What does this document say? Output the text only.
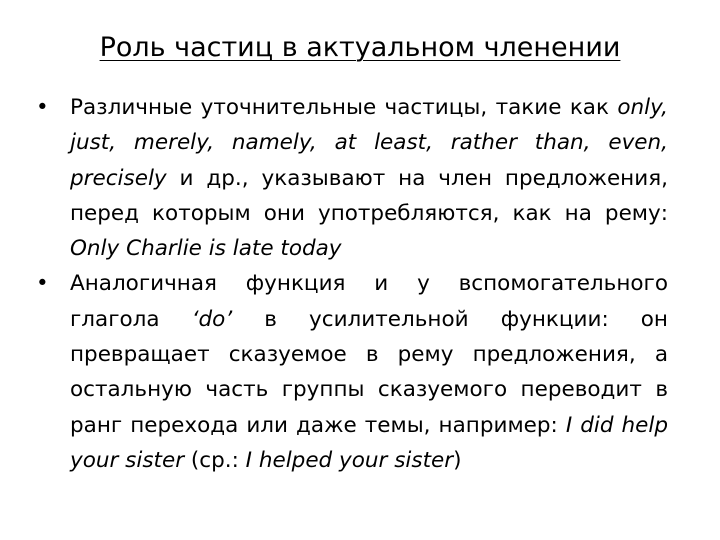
Роль частиц в актуальном членении
• Различные уточнительные частицы, такие как only, just, merely, namely, at least, rather than, even, precisely и др., указывают на член предложения, перед которым они употребляются, как на рему: Only Charlie is late today
• Аналогичная функция и у вспомогательного глагола ‘do’ в усилительной функции: он превращает сказуемое в рему предложения, а остальную часть группы сказуемого переводит в ранг перехода или даже темы, например: I did help your sister (ср.: I helped your sister)
